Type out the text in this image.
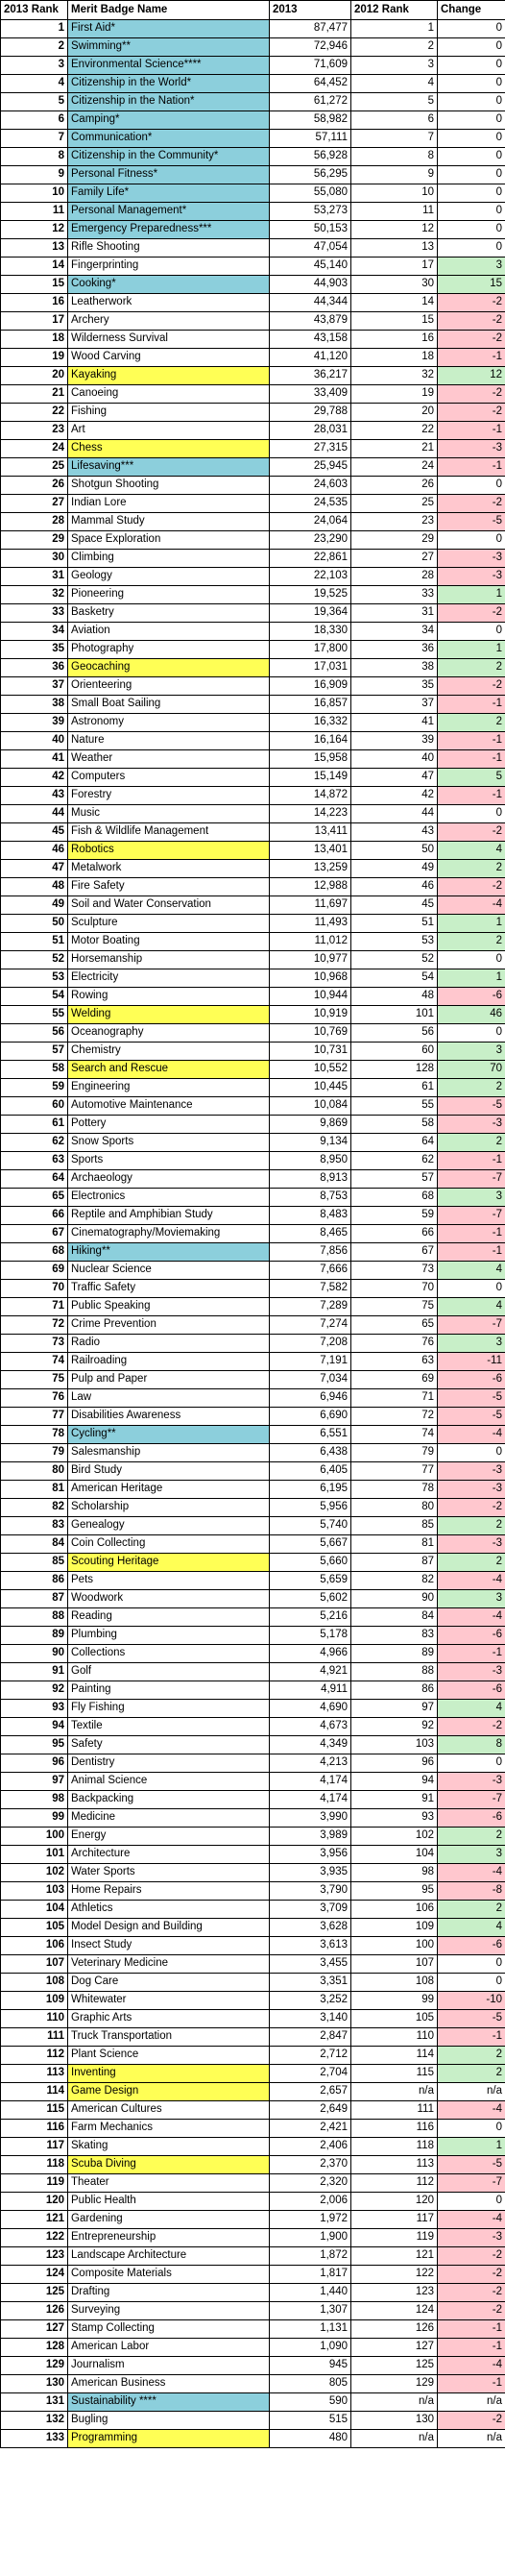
2013 Rank	Merit Badge Name	2013	2012 Rank	Change
1	First Aid*	87,477	1	0
2	Swimming**	72,946	2	0
3	Environmental Science****	71,609	3	0
4	Citizenship in the World*	64,452	4	0
5	Citizenship in the Nation*	61,272	5	0
6	Camping*	58,982	6	0
7	Communication*	57,111	7	0
8	Citizenship in the Community*	56,928	8	0
9	Personal Fitness*	56,295	9	0
10	Family Life*	55,080	10	0
11	Personal Management*	53,273	11	0
12	Emergency Preparedness***	50,153	12	0
13	Rifle Shooting	47,054	13	0
14	Fingerprinting	45,140	17	3
15	Cooking*	44,903	30	15
16	Leatherwork	44,344	14	-2
17	Archery	43,879	15	-2
18	Wilderness Survival	43,158	16	-2
19	Wood Carving	41,120	18	-1
20	Kayaking	36,217	32	12
21	Canoeing	33,409	19	-2
22	Fishing	29,788	20	-2
23	Art	28,031	22	-1
24	Chess	27,315	21	-3
25	Lifesaving***	25,945	24	-1
26	Shotgun Shooting	24,603	26	0
27	Indian Lore	24,535	25	-2
28	Mammal Study	24,064	23	-5
29	Space Exploration	23,290	29	0
30	Climbing	22,861	27	-3
31	Geology	22,103	28	-3
32	Pioneering	19,525	33	1
33	Basketry	19,364	31	-2
34	Aviation	18,330	34	0
35	Photography	17,800	36	1
36	Geocaching	17,031	38	2
37	Orienteering	16,909	35	-2
38	Small Boat Sailing	16,857	37	-1
39	Astronomy	16,332	41	2
40	Nature	16,164	39	-1
41	Weather	15,958	40	-1
42	Computers	15,149	47	5
43	Forestry	14,872	42	-1
44	Music	14,223	44	0
45	Fish & Wildlife Management	13,411	43	-2
46	Robotics	13,401	50	4
47	Metalwork	13,259	49	2
48	Fire Safety	12,988	46	-2
49	Soil and Water Conservation	11,697	45	-4
50	Sculpture	11,493	51	1
51	Motor Boating	11,012	53	2
52	Horsemanship	10,977	52	0
53	Electricity	10,968	54	1
54	Rowing	10,944	48	-6
55	Welding	10,919	101	46
56	Oceanography	10,769	56	0
57	Chemistry	10,731	60	3
58	Search and Rescue	10,552	128	70
59	Engineering	10,445	61	2
60	Automotive Maintenance	10,084	55	-5
61	Pottery	9,869	58	-3
62	Snow Sports	9,134	64	2
63	Sports	8,950	62	-1
64	Archaeology	8,913	57	-7
65	Electronics	8,753	68	3
66	Reptile and Amphibian Study	8,483	59	-7
67	Cinematography/Moviemaking	8,465	66	-1
68	Hiking**	7,856	67	-1
69	Nuclear Science	7,666	73	4
70	Traffic Safety	7,582	70	0
71	Public Speaking	7,289	75	4
72	Crime Prevention	7,274	65	-7
73	Radio	7,208	76	3
74	Railroading	7,191	63	-11
75	Pulp and Paper	7,034	69	-6
76	Law	6,946	71	-5
77	Disabilities Awareness	6,690	72	-5
78	Cycling**	6,551	74	-4
79	Salesmanship	6,438	79	0
80	Bird Study	6,405	77	-3
81	American Heritage	6,195	78	-3
82	Scholarship	5,956	80	-2
83	Genealogy	5,740	85	2
84	Coin Collecting	5,667	81	-3
85	Scouting Heritage	5,660	87	2
86	Pets	5,659	82	-4
87	Woodwork	5,602	90	3
88	Reading	5,216	84	-4
89	Plumbing	5,178	83	-6
90	Collections	4,966	89	-1
91	Golf	4,921	88	-3
92	Painting	4,911	86	-6
93	Fly Fishing	4,690	97	4
94	Textile	4,673	92	-2
95	Safety	4,349	103	8
96	Dentistry	4,213	96	0
97	Animal Science	4,174	94	-3
98	Backpacking	4,174	91	-7
99	Medicine	3,990	93	-6
100	Energy	3,989	102	2
101	Architecture	3,956	104	3
102	Water Sports	3,935	98	-4
103	Home Repairs	3,790	95	-8
104	Athletics	3,709	106	2
105	Model Design and Building	3,628	109	4
106	Insect Study	3,613	100	-6
107	Veterinary Medicine	3,455	107	0
108	Dog Care	3,351	108	0
109	Whitewater	3,252	99	-10
110	Graphic Arts	3,140	105	-5
111	Truck Transportation	2,847	110	-1
112	Plant Science	2,712	114	2
113	Inventing	2,704	115	2
114	Game Design	2,657	n/a	n/a
115	American Cultures	2,649	111	-4
116	Farm Mechanics	2,421	116	0
117	Skating	2,406	118	1
118	Scuba Diving	2,370	113	-5
119	Theater	2,320	112	-7
120	Public Health	2,006	120	0
121	Gardening	1,972	117	-4
122	Entrepreneurship	1,900	119	-3
123	Landscape Architecture	1,872	121	-2
124	Composite Materials	1,817	122	-2
125	Drafting	1,440	123	-2
126	Surveying	1,307	124	-2
127	Stamp Collecting	1,131	126	-1
128	American Labor	1,090	127	-1
129	Journalism	945	125	-4
130	American Business	805	129	-1
131	Sustainability ****	590	n/a	n/a
132	Bugling	515	130	-2
133	Programming	480	n/a	n/a
